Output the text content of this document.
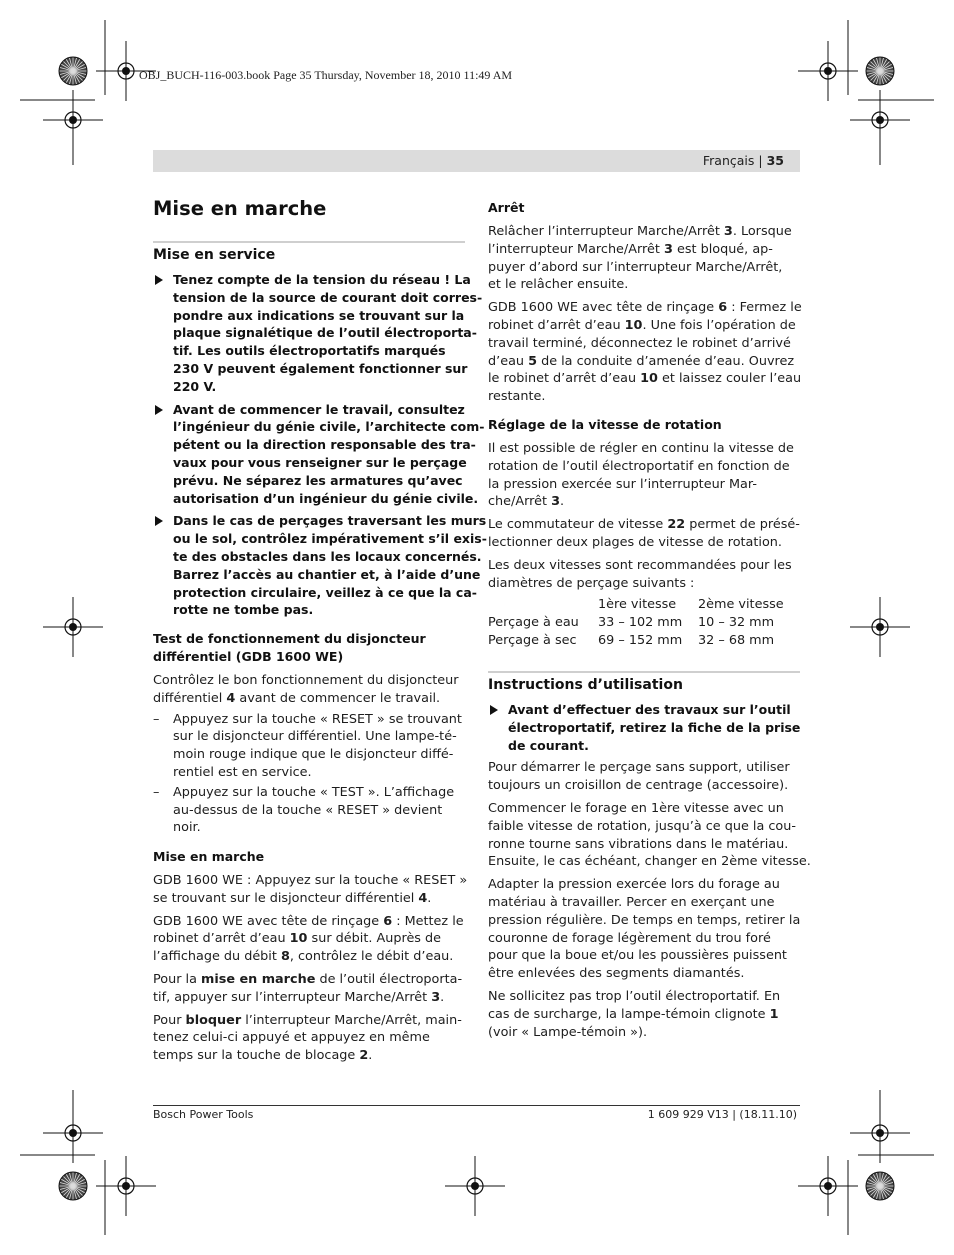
OBJ_BUCH-116-003.book Page 35 Thursday, November 18, 2010 11:49 AM
Français | 35
Mise en marche
Mise en service
Tenez compte de la tension du réseau ! La
tension de la source de courant doit corres-
pondre aux indications se trouvant sur la
plaque signalétique de l’outil électroporta-
tif. Les outils électroportatifs marqués
230 V peuvent également fonctionner sur
220 V.
Avant de commencer le travail, consultez
l’ingénieur du génie civile, l’architecte com-
pétent ou la direction responsable des tra-
vaux pour vous renseigner sur le perçage
prévu. Ne séparez les armatures qu’avec
autorisation d’un ingénieur du génie civile.
Dans le cas de perçages traversant les murs
ou le sol, contrôlez impérativement s’il exis-
te des obstacles dans les locaux concernés.
Barrez l’accès au chantier et, à l’aide d’une
protection circulaire, veillez à ce que la ca-
rotte ne tombe pas.
Test de fonctionnement du disjoncteur
différentiel (GDB 1600 WE)
Contrôlez le bon fonctionnement du disjoncteur
différentiel 4 avant de commencer le travail.
– Appuyez sur la touche « RESET » se trouvant
sur le disjoncteur différentiel. Une lampe-té-
moin rouge indique que le disjoncteur diffé-
rentiel est en service.
– Appuyez sur la touche « TEST ». L’affichage
au-dessus de la touche « RESET » devient
noir.
Mise en marche
GDB 1600 WE : Appuyez sur la touche « RESET »
se trouvant sur le disjoncteur différentiel 4.
GDB 1600 WE avec tête de rinçage 6 : Mettez le
robinet d’arrêt d’eau 10 sur débit. Auprès de
l’affichage du débit 8, contrôlez le débit d’eau.
Pour la mise en marche de l’outil électroporta-
tif, appuyer sur l’interrupteur Marche/Arrêt 3.
Pour bloquer l’interrupteur Marche/Arrêt, main-
tenez celui-ci appuyé et appuyez en même
temps sur la touche de blocage 2.
Arrêt
Relâcher l’interrupteur Marche/Arrêt 3. Lorsque
l’interrupteur Marche/Arrêt 3 est bloqué, ap-
puyer d’abord sur l’interrupteur Marche/Arrêt,
et le relâcher ensuite.
GDB 1600 WE avec tête de rinçage 6 : Fermez le
robinet d’arrêt d’eau 10. Une fois l’opération de
travail terminé, déconnectez le robinet d’arrivé
d’eau 5 de la conduite d’amenée d’eau. Ouvrez
le robinet d’arrêt d’eau 10 et laissez couler l’eau
restante.
Réglage de la vitesse de rotation
Il est possible de régler en continu la vitesse de
rotation de l’outil électroportatif en fonction de
la pression exercée sur l’interrupteur Mar-
che/Arrêt 3.
Le commutateur de vitesse 22 permet de présé-
lectionner deux plages de vitesse de rotation.
Les deux vitesses sont recommandées pour les
diamètres de perçage suivants :
	1ère vitesse	2ème vitesse
Perçage à eau	33 – 102 mm	10 – 32 mm
Perçage à sec	69 – 152 mm	32 – 68 mm
Instructions d’utilisation
Avant d’effectuer des travaux sur l’outil
électroportatif, retirez la fiche de la prise
de courant.
Pour démarrer le perçage sans support, utiliser
toujours un croisillon de centrage (accessoire).
Commencer le forage en 1ère vitesse avec un
faible vitesse de rotation, jusqu’à ce que la cou-
ronne tourne sans vibrations dans le matériau.
Ensuite, le cas échéant, changer en 2ème vitesse.
Adapter la pression exercée lors du forage au
matériau à travailler. Percer en exerçant une
pression régulière. De temps en temps, retirer la
couronne de forage légèrement du trou foré
pour que la boue et/ou les poussières puissent
être enlevées des segments diamantés.
Ne sollicitez pas trop l’outil électroportatif. En
cas de surcharge, la lampe-témoin clignote 1
(voir « Lampe-témoin »).
Bosch Power Tools	1 609 929 V13 | (18.11.10)
